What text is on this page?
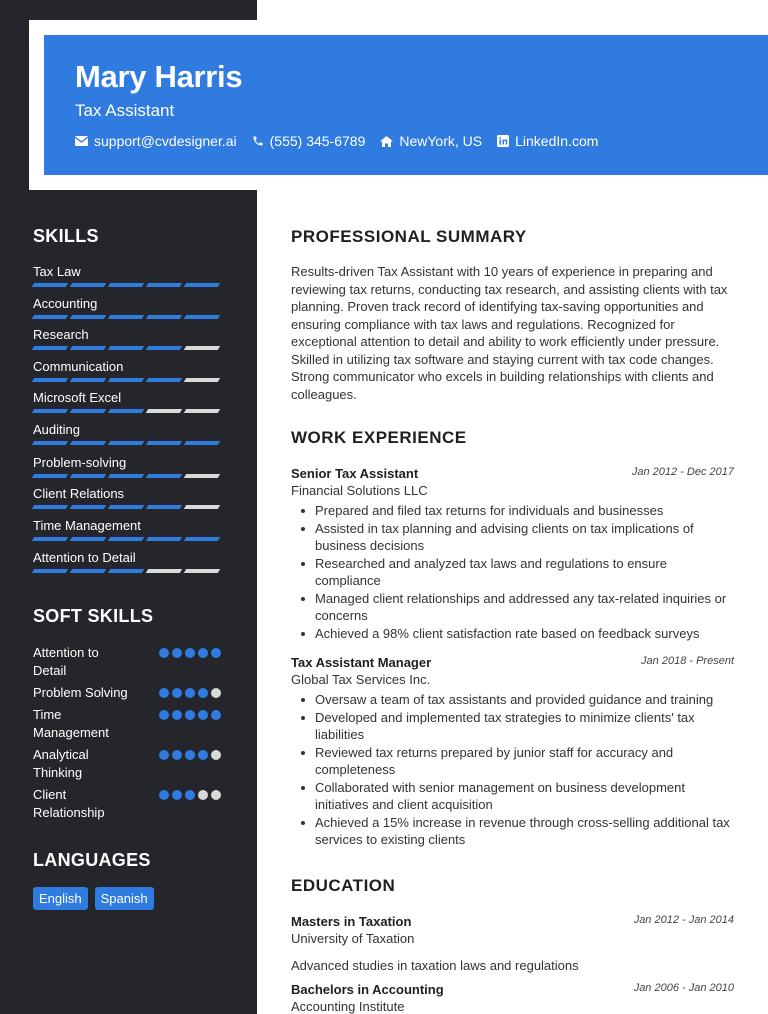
SKILLS
Tax Law
Accounting
Research
Communication
Microsoft Excel
Auditing
Problem-solving
Client Relations
Time Management
Attention to Detail
SOFT SKILLS
Attention to Detail
Problem Solving
Time Management
Analytical Thinking
Client Relationship
LANGUAGES
English	Spanish
Mary Harris
Tax Assistant
support@cvdesigner.ai (555) 345-6789 NewYork, US LinkedIn.com
PROFESSIONAL SUMMARY
Results-driven Tax Assistant with 10 years of experience in preparing and reviewing tax returns, conducting tax research, and assisting clients with tax planning. Proven track record of identifying tax-saving opportunities and ensuring compliance with tax laws and regulations. Recognized for exceptional attention to detail and ability to work efficiently under pressure. Skilled in utilizing tax software and staying current with tax code changes. Strong communicator who excels in building relationships with clients and colleagues.
WORK EXPERIENCE
Senior Tax Assistant	Jan 2012 - Dec 2017
Financial Solutions LLC
Prepared and filed tax returns for individuals and businesses
Assisted in tax planning and advising clients on tax implications of business decisions
Researched and analyzed tax laws and regulations to ensure compliance
Managed client relationships and addressed any tax-related inquiries or concerns
Achieved a 98% client satisfaction rate based on feedback surveys
Tax Assistant Manager	Jan 2018 - Present
Global Tax Services Inc.
Oversaw a team of tax assistants and provided guidance and training
Developed and implemented tax strategies to minimize clients' tax liabilities
Reviewed tax returns prepared by junior staff for accuracy and completeness
Collaborated with senior management on business development initiatives and client acquisition
Achieved a 15% increase in revenue through cross-selling additional tax services to existing clients
EDUCATION
Masters in Taxation	Jan 2012 - Jan 2014
University of Taxation
Advanced studies in taxation laws and regulations
Bachelors in Accounting	Jan 2006 - Jan 2010
Accounting Institute
